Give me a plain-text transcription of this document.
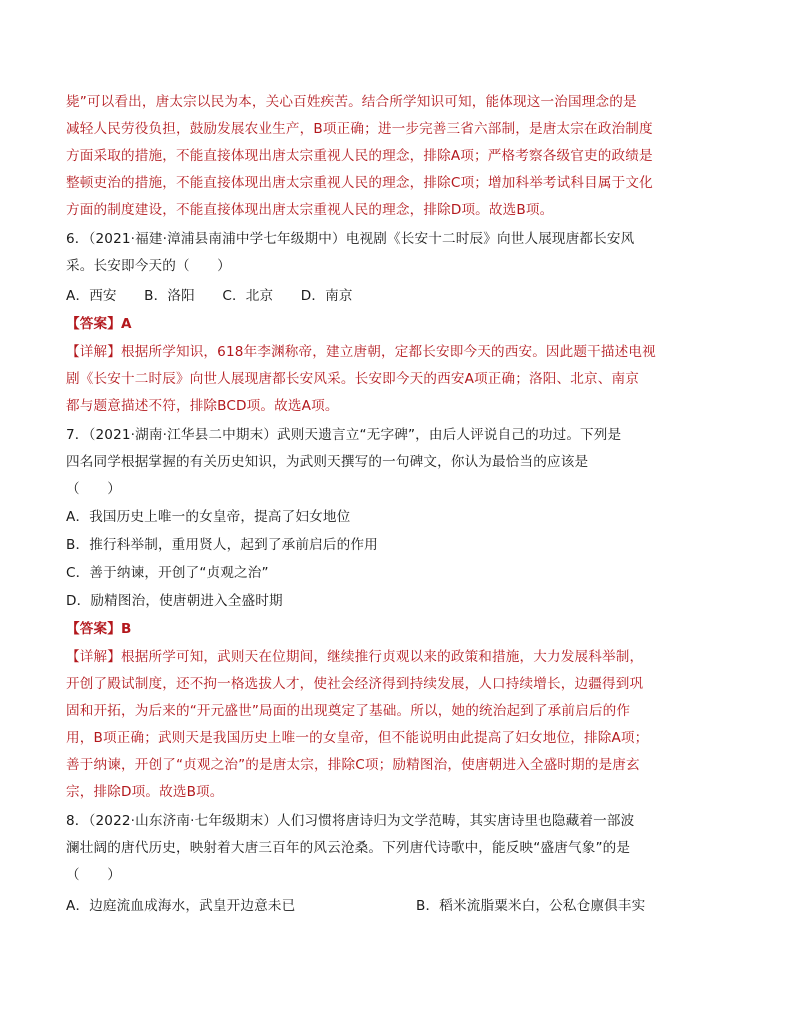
毙”可以看出，唐太宗以民为本，关心百姓疾苦。结合所学知识可知，能体现这一治国理念的是

减轻人民劳役负担，鼓励发展农业生产，B项正确；进一步完善三省六部制，是唐太宗在政治制度

方面采取的措施，不能直接体现出唐太宗重视人民的理念，排除A项；严格考察各级官吏的政绩是

整顿吏治的措施，不能直接体现出唐太宗重视人民的理念，排除C项；增加科举考试科目属于文化

方面的制度建设，不能直接体现出唐太宗重视人民的理念，排除D项。故选B项。

6．（2021·福建·漳浦县南浦中学七年级期中）电视剧《长安十二时辰》向世人展现唐都长安风

采。长安即今天的（　　）

A．西安　　B．洛阳　　C．北京　　D．南京

【答案】A

【详解】根据所学知识，618年李渊称帝，建立唐朝，定都长安即今天的西安。因此题干描述电视

剧《长安十二时辰》向世人展现唐都长安风采。长安即今天的西安A项正确；洛阳、北京、南京

都与题意描述不符，排除BCD项。故选A项。

7．（2021·湖南·江华县二中期末）武则天遗言立“无字碑”，由后人评说自己的功过。下列是

四名同学根据掌握的有关历史知识，为武则天撰写的一句碑文，你认为最恰当的应该是

（　　）

A．我国历史上唯一的女皇帝，提高了妇女地位

B．推行科举制，重用贤人，起到了承前启后的作用

C．善于纳谏，开创了“贞观之治”

D．励精图治，使唐朝进入全盛时期

【答案】B

【详解】根据所学可知，武则天在位期间，继续推行贞观以来的政策和措施，大力发展科举制，

开创了殿试制度，还不拘一格选拔人才，使社会经济得到持续发展，人口持续增长，边疆得到巩

固和开拓，为后来的“开元盛世”局面的出现奠定了基础。所以，她的统治起到了承前启后的作

用，B项正确；武则天是我国历史上唯一的女皇帝，但不能说明由此提高了妇女地位，排除A项；

善于纳谏，开创了“贞观之治”的是唐太宗，排除C项；励精图治，使唐朝进入全盛时期的是唐玄

宗，排除D项。故选B项。

8．（2022·山东济南·七年级期末）人们习惯将唐诗归为文学范畴，其实唐诗里也隐藏着一部波

澜壮阔的唐代历史，映射着大唐三百年的风云沧桑。下列唐代诗歌中，能反映“盛唐气象”的是

（　　）

A．边庭流血成海水，武皇开边意未已	B．稻米流脂粟米白，公私仓廪俱丰实
